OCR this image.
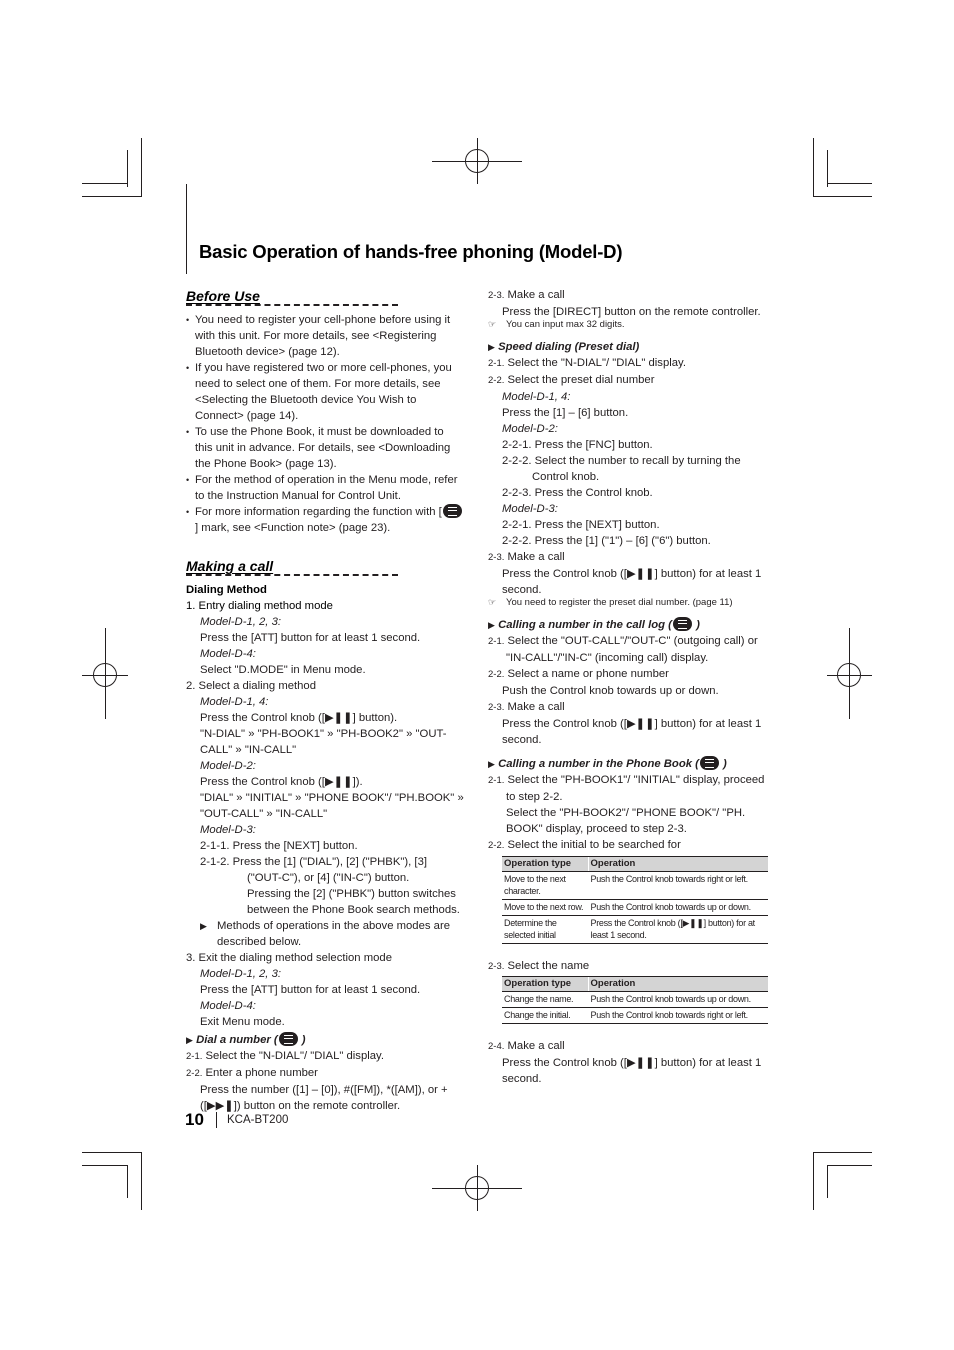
Basic Operation of hands-free phoning (Model-D)
Before Use
• You need to register your cell-phone before using it with this unit. For more details, see <Registering Bluetooth device> (page 12).
• If you have registered two or more cell-phones, you need to select one of them. For more details, see <Selecting the Bluetooth device You Wish to Connect> (page 14).
• To use the Phone Book, it must be downloaded to this unit in advance. For details, see <Downloading the Phone Book> (page 13).
• For the method of operation in the Menu mode, refer to the Instruction Manual for Control Unit.
• For more information regarding the function with [] mark, see <Function note> (page 23).
Making a call
Dialing Method
1. Entry dialing method mode
Model-D-1, 2, 3:
Press the [ATT] button for at least 1 second.
Model-D-4:
Select "D.MODE" in Menu mode.
2. Select a dialing method
Model-D-1, 4:
Press the Control knob ([▶❚❚] button).
"N-DIAL" » "PH-BOOK1" » "PH-BOOK2" » "OUT-CALL" » "IN-CALL"
Model-D-2:
Press the Control knob ([▶❚❚]).
"DIAL" » "INITIAL" » "PHONE BOOK"/ "PH.BOOK" » "OUT-CALL" » "IN-CALL"
Model-D-3:
2-1-1. Press the [NEXT] button.
2-1-2. Press the [1] ("DIAL"), [2] ("PHBK"), [3] ("OUT-C"), or [4] ("IN-C") button.
Pressing the [2] ("PHBK") button switches between the Phone Book search methods.
▶ Methods of operations in the above modes are described below.
3. Exit the dialing method selection mode
Model-D-1, 2, 3:
Press the [ATT] button for at least 1 second.
Model-D-4:
Exit Menu mode.
▶ Dial a number ( )
2-1. Select the "N-DIAL"/ "DIAL" display.
2-2. Enter a phone number
Press the number ([1] – [0]), #([FM]), *([AM]), or +([▶▶❚]) button on the remote controller.
2-3. Make a call
Press the [DIRECT] button on the remote controller.
☞ You can input max 32 digits.
▶ Speed dialing (Preset dial)
2-1. Select the "N-DIAL"/ "DIAL" display.
2-2. Select the preset dial number
Model-D-1, 4:
Press the [1] – [6] button.
Model-D-2:
2-2-1. Press the [FNC] button.
2-2-2. Select the number to recall by turning the Control knob.
2-2-3. Press the Control knob.
Model-D-3:
2-2-1. Press the [NEXT] button.
2-2-2. Press the [1] ("1") – [6] ("6") button.
2-3. Make a call
Press the Control knob ([▶❚❚] button) for at least 1 second.
☞ You need to register the preset dial number. (page 11)
▶ Calling a number in the call log ( )
2-1. Select the "OUT-CALL"/"OUT-C" (outgoing call) or "IN-CALL"/"IN-C" (incoming call) display.
2-2. Select a name or phone number
Push the Control knob towards up or down.
2-3. Make a call
Press the Control knob ([▶❚❚] button) for at least 1 second.
▶ Calling a number in the Phone Book ( )
2-1. Select the "PH-BOOK1"/ "INITIAL" display, proceed to step 2-2.
Select the "PH-BOOK2"/ "PHONE BOOK"/ "PH. BOOK" display, proceed to step 2-3.
2-2. Select the initial to be searched for
Operation type	Operation
Move to the next character.	Push the Control knob towards right or left.
Move to the next row.	Push the Control knob towards up or down.
Determine the selected initial	Press the Control knob ([▶❚❚] button) for at least 1 second.
2-3. Select the name
Operation type	Operation
Change the name.	Push the Control knob towards up or down.
Change the initial.	Push the Control knob towards right or left.
2-4. Make a call
Press the Control knob ([▶❚❚] button) for at least 1 second.
10 KCA-BT200
